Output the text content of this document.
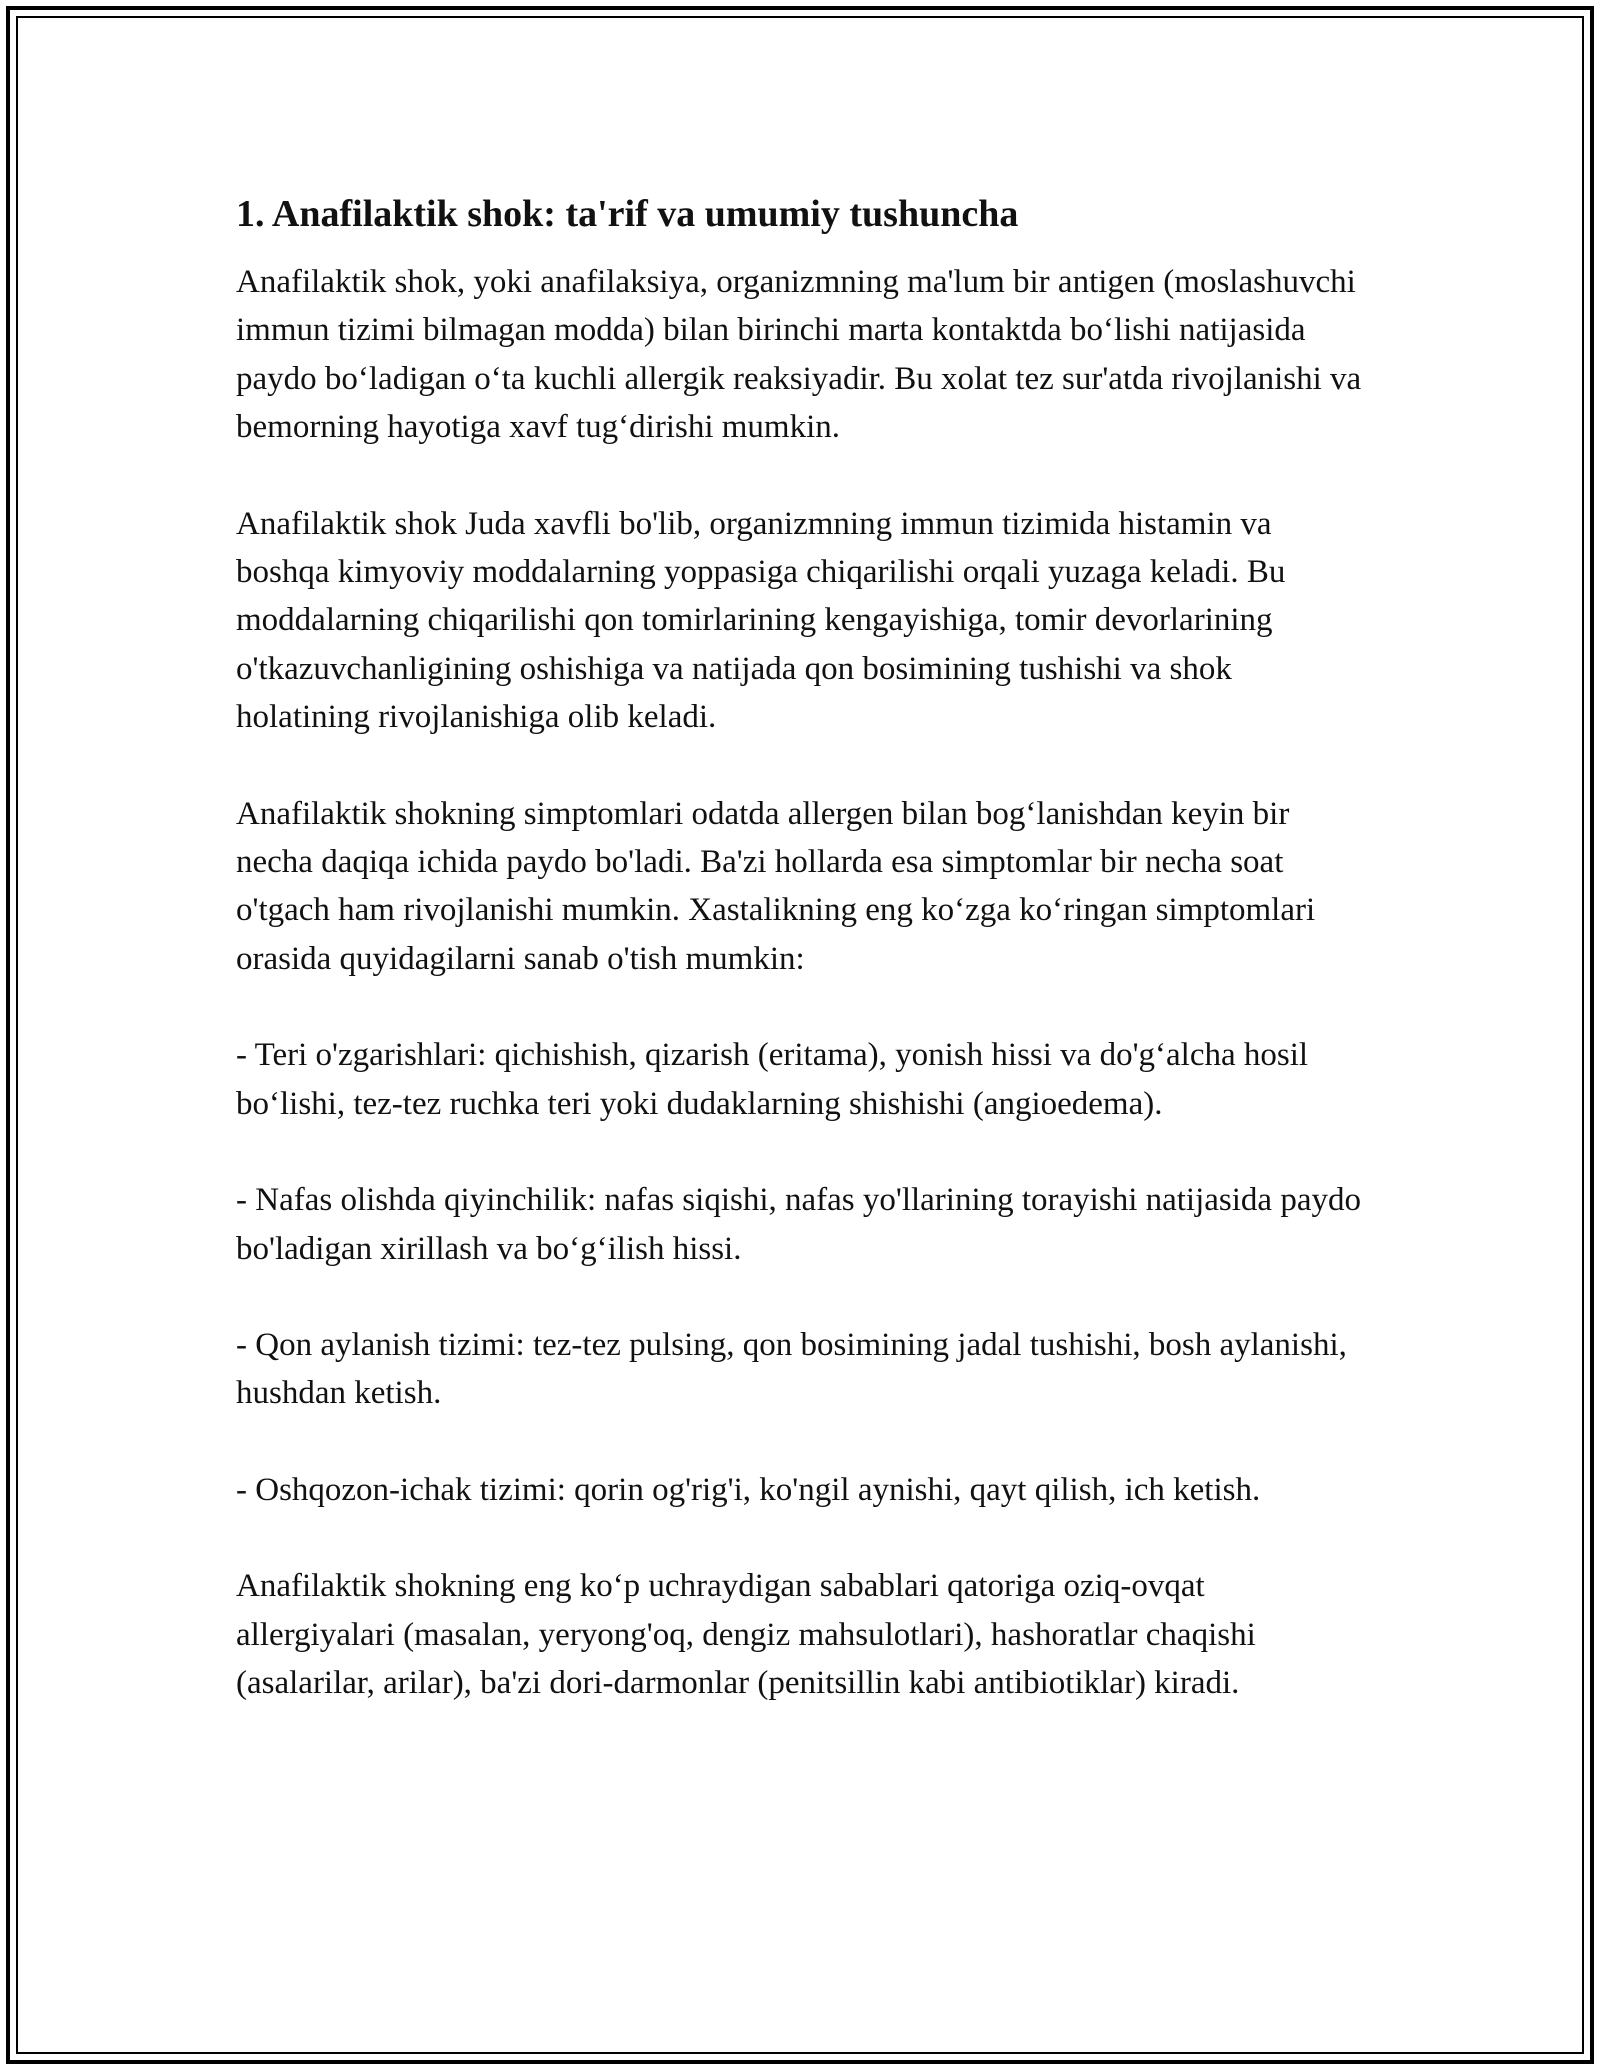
1. Anafilaktik shok: ta'rif va umumiy tushuncha

Anafilaktik shok, yoki anafilaksiya, organizmning ma'lum bir antigen (moslashuvchi immun tizimi bilmagan modda) bilan birinchi marta kontaktda bo‘lishi natijasida paydo bo‘ladigan o‘ta kuchli allergik reaksiyadir. Bu xolat tez sur'atda rivojlanishi va bemorning hayotiga xavf tug‘dirishi mumkin.

Anafilaktik shok Juda xavfli bo'lib, organizmning immun tizimida histamin va boshqa kimyoviy moddalarning yoppasiga chiqarilishi orqali yuzaga keladi. Bu moddalarning chiqarilishi qon tomirlarining kengayishiga, tomir devorlarining o'tkazuvchanligining oshishiga va natijada qon bosimining tushishi va shok holatining rivojlanishiga olib keladi.

Anafilaktik shokning simptomlari odatda allergen bilan bog‘lanishdan keyin bir necha daqiqa ichida paydo bo'ladi. Ba'zi hollarda esa simptomlar bir necha soat o'tgach ham rivojlanishi mumkin. Xastalikning eng ko‘zga ko‘ringan simptomlari orasida quyidagilarni sanab o'tish mumkin:

- Teri o'zgarishlari: qichishish, qizarish (eritama), yonish hissi va do'g‘alcha hosil bo‘lishi, tez-tez ruchka teri yoki dudaklarning shishishi (angioedema).

- Nafas olishda qiyinchilik: nafas siqishi, nafas yo'llarining torayishi natijasida paydo bo'ladigan xirillash va bo‘g‘ilish hissi.

- Qon aylanish tizimi: tez-tez pulsing, qon bosimining jadal tushishi, bosh aylanishi, hushdan ketish.

- Oshqozon-ichak tizimi: qorin og'rig'i, ko'ngil aynishi, qayt qilish, ich ketish.

Anafilaktik shokning eng ko‘p uchraydigan sabablari qatoriga oziq-ovqat allergiyalari (masalan, yeryong'oq, dengiz mahsulotlari), hashoratlar chaqishi (asalarilar, arilar), ba'zi dori-darmonlar (penitsillin kabi antibiotiklar) kiradi.
